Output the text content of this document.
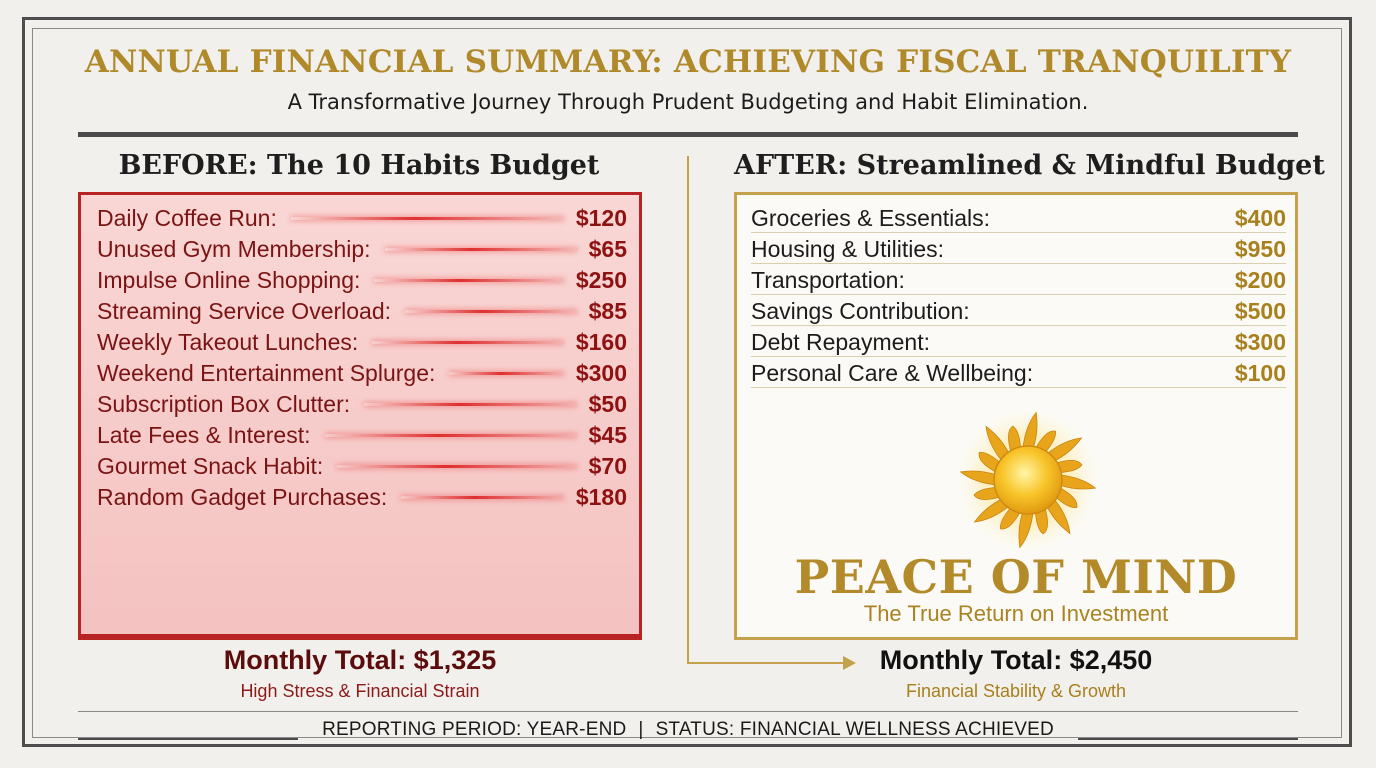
ANNUAL FINANCIAL SUMMARY: ACHIEVING FISCAL TRANQUILITY
A Transformative Journey Through Prudent Budgeting and Habit Elimination.
BEFORE: The 10 Habits Budget	AFTER: Streamlined & Mindful Budget
Daily Coffee Run:	$120
Unused Gym Membership:	$65
Impulse Online Shopping:	$250
Streaming Service Overload:	$85
Weekly Takeout Lunches:	$160
Weekend Entertainment Splurge:	$300
Subscription Box Clutter:	$50
Late Fees & Interest:	$45
Gourmet Snack Habit:	$70
Random Gadget Purchases:	$180
Groceries & Essentials:	$400
Housing & Utilities:	$950
Transportation:	$200
Savings Contribution:	$500
Debt Repayment:	$300
Personal Care & Wellbeing:	$100
PEACE OF MIND
The True Return on Investment
Monthly Total: $1,325
High Stress & Financial Strain
Monthly Total: $2,450
Financial Stability & Growth
REPORTING PERIOD: YEAR-END | STATUS: FINANCIAL WELLNESS ACHIEVED
